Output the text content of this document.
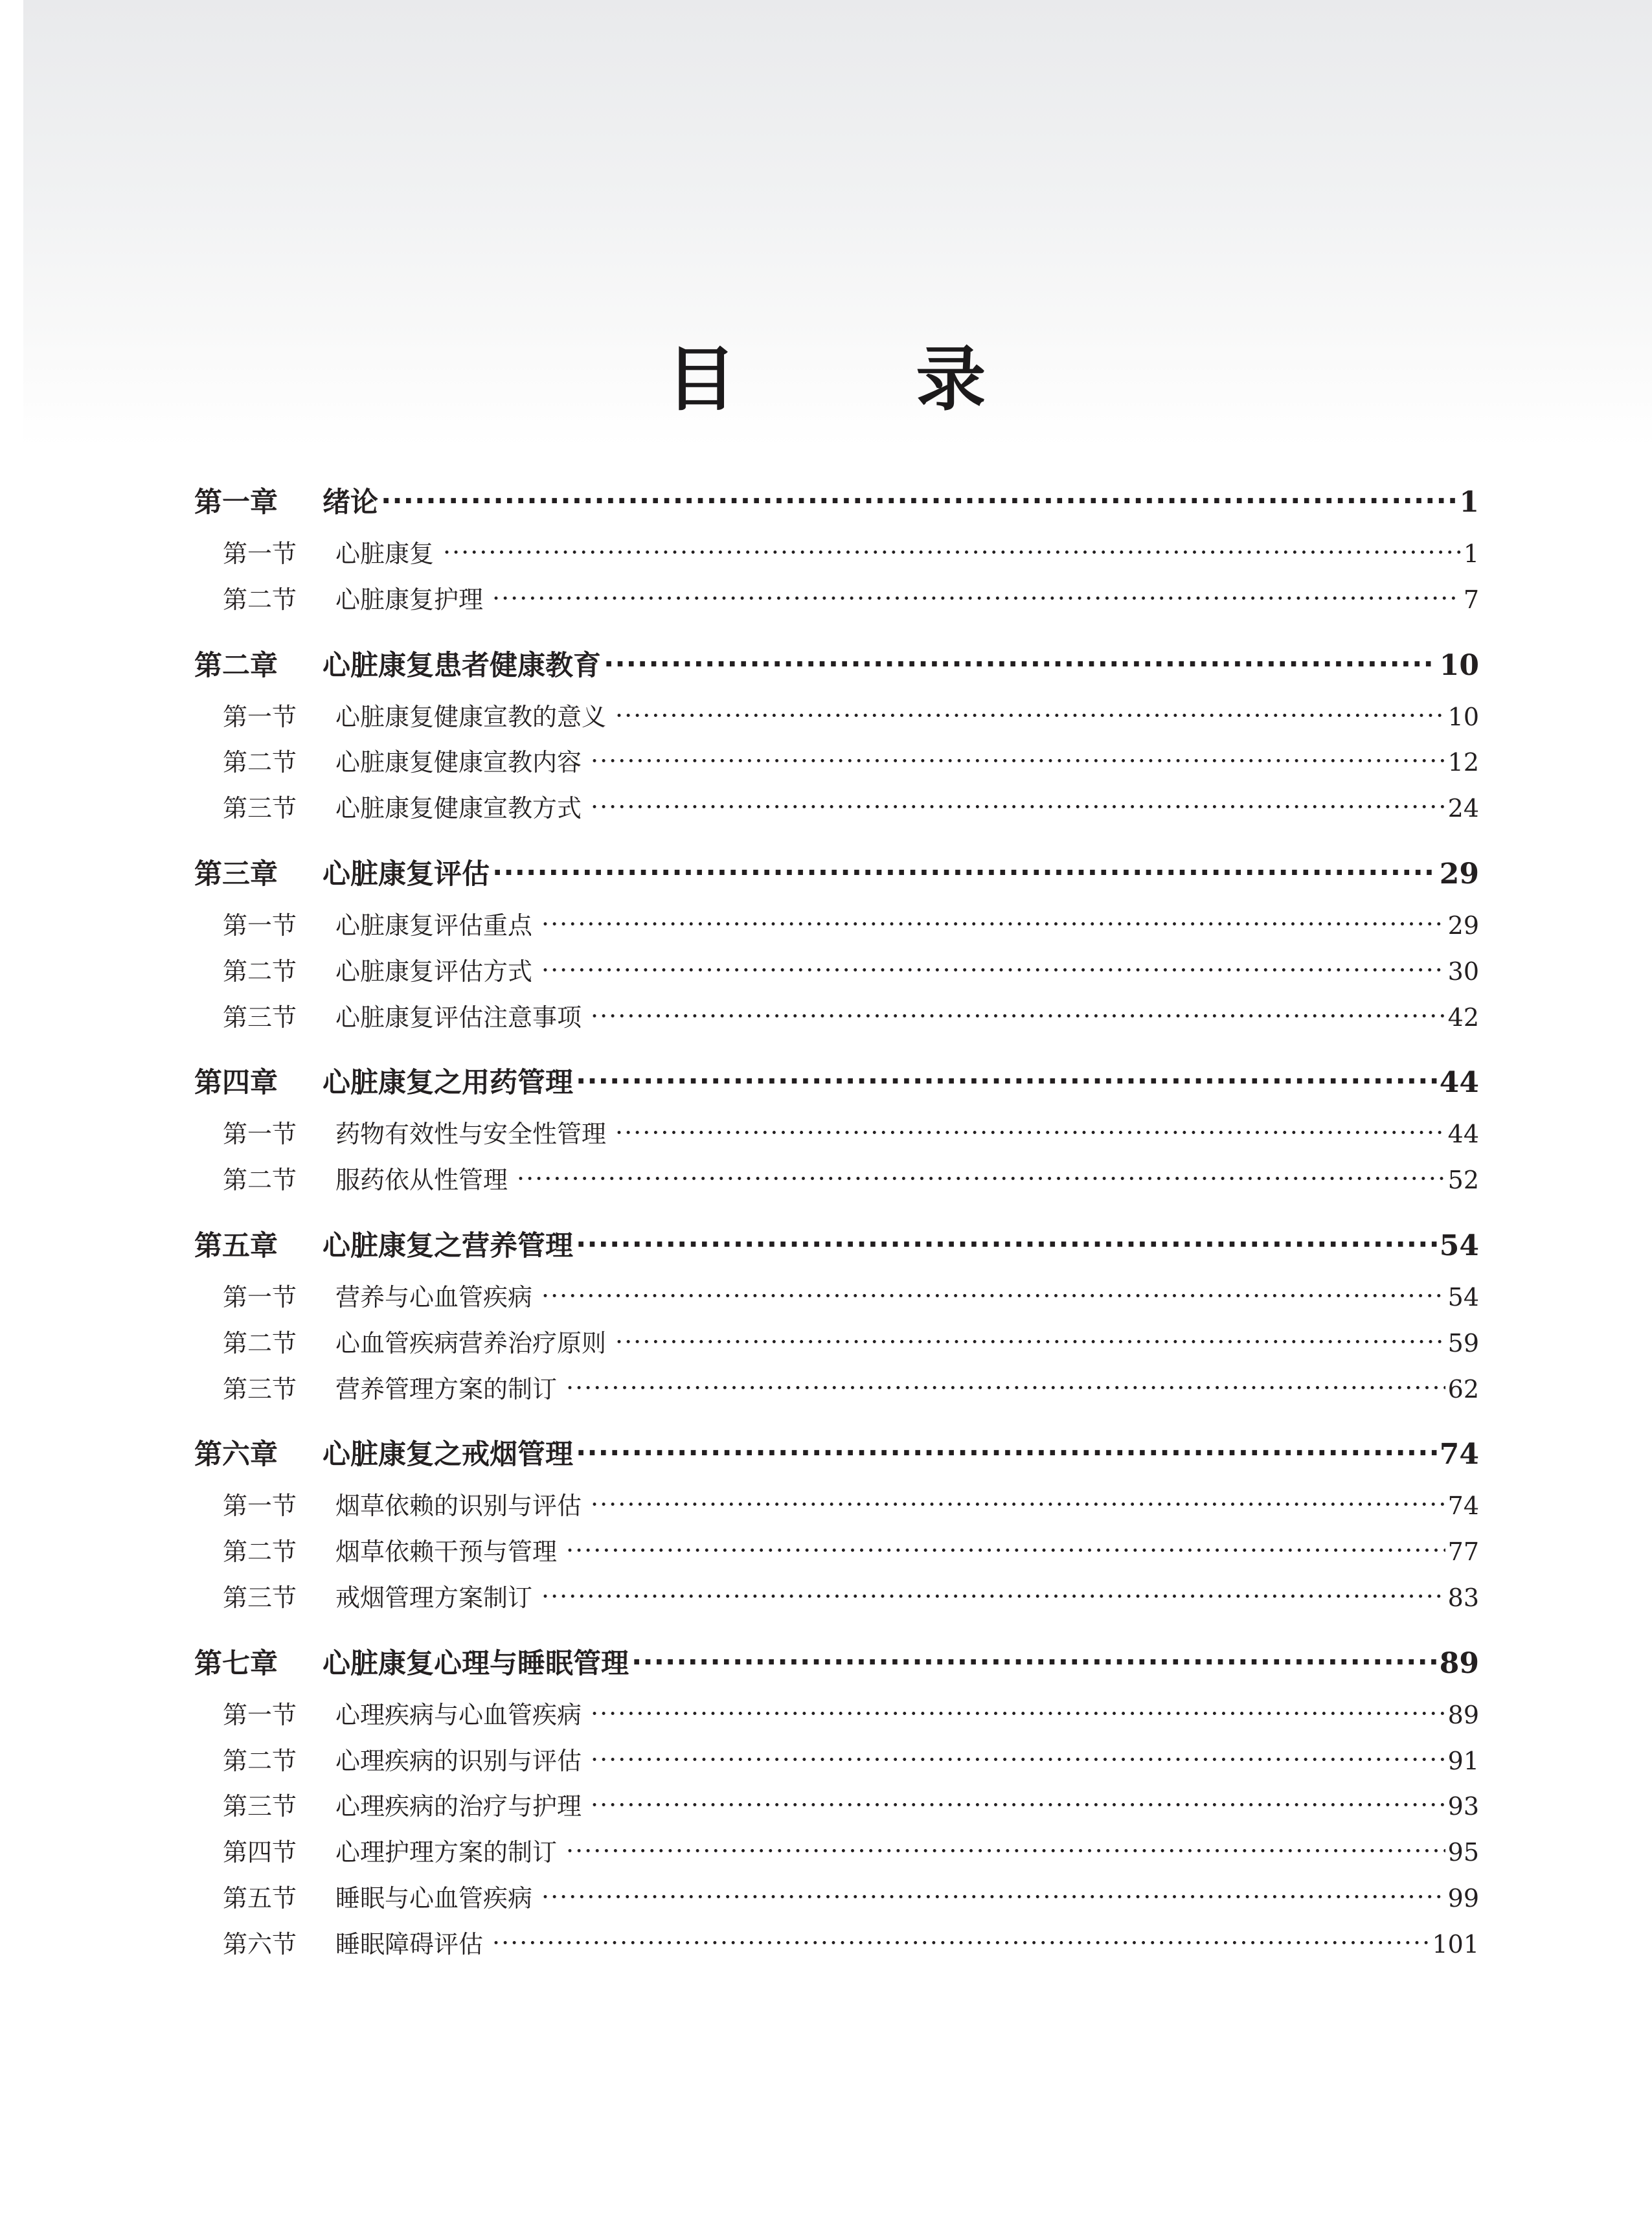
目 录
第一章	绪论 ·····	1
第一节	心脏康复 ·····	1
第二节	心脏康复护理 ·····	7
第二章	心脏康复患者健康教育 ·····	10
第一节	心脏康复健康宣教的意义 ·····	10
第二节	心脏康复健康宣教内容 ·····	12
第三节	心脏康复健康宣教方式 ·····	24
第三章	心脏康复评估 ·····	29
第一节	心脏康复评估重点 ·····	29
第二节	心脏康复评估方式 ·····	30
第三节	心脏康复评估注意事项 ·····	42
第四章	心脏康复之用药管理 ·····	44
第一节	药物有效性与安全性管理 ·····	44
第二节	服药依从性管理 ·····	52
第五章	心脏康复之营养管理 ·····	54
第一节	营养与心血管疾病 ·····	54
第二节	心血管疾病营养治疗原则 ·····	59
第三节	营养管理方案的制订 ·····	62
第六章	心脏康复之戒烟管理 ·····	74
第一节	烟草依赖的识别与评估 ·····	74
第二节	烟草依赖干预与管理 ·····	77
第三节	戒烟管理方案制订 ·····	83
第七章	心脏康复心理与睡眠管理 ·····	89
第一节	心理疾病与心血管疾病 ·····	89
第二节	心理疾病的识别与评估 ·····	91
第三节	心理疾病的治疗与护理 ·····	93
第四节	心理护理方案的制订 ·····	95
第五节	睡眠与心血管疾病 ·····	99
第六节	睡眠障碍评估 ·····	101
